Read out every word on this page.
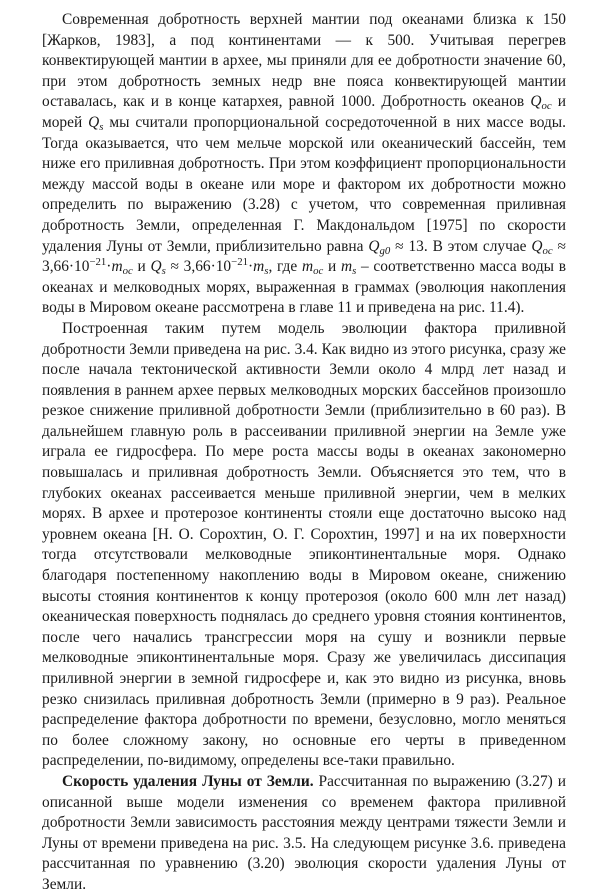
Современная добротность верхней мантии под океанами близка к 150 [Жарков, 1983], а под континентами — к 500. Учитывая перегрев конвектирующей мантии в архее, мы приняли для ее добротности значение 60, при этом добротность земных недр вне пояса конвектирующей мантии оставалась, как и в конце катархея, равной 1000. Добротность океанов $Q_{oc}$ и морей $Q_s$ мы считали пропорциональной сосредоточенной в них массе воды. Тогда оказывается, что чем мельче морской или океанический бассейн, тем ниже его приливная добротность. При этом коэффициент пропорциональности между массой воды в океане или море и фактором их добротности можно определить по выражению (3.28) с учетом, что современная приливная добротность Земли, определенная Г. Макдональдом [1975] по скорости удаления Луны от Земли, приблизительно равна $Q_{g0} \approx 13$. В этом случае $Q_{oc} \approx 3,66\cdot 10^{-21}\cdot m_{oc}$ и $Q_s \approx 3,66\cdot 10^{-21}\cdot m_s$, где $m_{oc}$ и $m_s$ – соответственно масса воды в океанах и мелководных морях, выраженная в граммах (эволюция накопления воды в Мировом океане рассмотрена в главе 11 и приведена на рис. 11.4).

Построенная таким путем модель эволюции фактора приливной добротности Земли приведена на рис. 3.4. Как видно из этого рисунка, сразу же после начала тектонической активности Земли около 4 млрд лет назад и появления в раннем архее первых мелководных морских бассейнов произошло резкое снижение приливной добротности Земли (приблизительно в 60 раз). В дальнейшем главную роль в рассеивании приливной энергии на Земле уже играла ее гидросфера. По мере роста массы воды в океанах закономерно повышалась и приливная добротность Земли. Объясняется это тем, что в глубоких океанах рассеивается меньше приливной энергии, чем в мелких морях. В архее и протерозое континенты стояли еще достаточно высоко над уровнем океана [Н. О. Сорохтин, О. Г. Сорохтин, 1997] и на их поверхности тогда отсутствовали мелководные эпиконтинентальные моря. Однако благодаря постепенному накоплению воды в Мировом океане, снижению высоты стояния континентов к концу протерозоя (около 600 млн лет назад) океаническая поверхность поднялась до среднего уровня стояния континентов, после чего начались трансгрессии моря на сушу и возникли первые мелководные эпиконтинентальные моря. Сразу же увеличилась диссипация приливной энергии в земной гидросфере и, как это видно из рисунка, вновь резко снизилась приливная добротность Земли (примерно в 9 раз). Реальное распределение фактора добротности по времени, безусловно, могло меняться по более сложному закону, но основные его черты в приведенном распределении, по-видимому, определены все-таки правильно.

Скорость удаления Луны от Земли. Рассчитанная по выражению (3.27) и описанной выше модели изменения со временем фактора приливной добротности Земли зависимость расстояния между центрами тяжести Земли и Луны от времени приведена на рис. 3.5. На следующем рисунке 3.6. приведена рассчитанная по уравнению (3.20) эволюция скорости удаления Луны от Земли.
